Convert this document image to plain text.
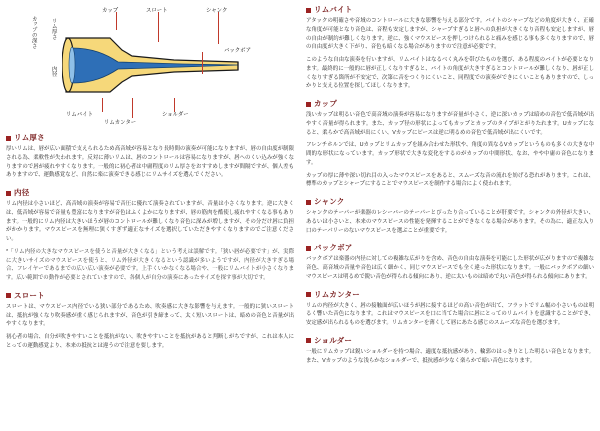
リム厚さ
カップの深さ
内径
カップ	スロート	シャンク
バックボア
リムバイト
リムカンター
ショルダー
リム厚さ

厚いリムは、唇が広い面積で支えられるため高音域が容易となり長時間の演奏が可能になりますが、唇の自由度が制限される為、柔軟性が失われます。反対に薄いリムは、唇のコントロールは容易になりますが、唇へのくい込みが強くなりますので唇が疲れやすくなります。一般的に初心者は中庸程度のリム厚さをおすすめしますが間隔ですが、個人差もありますので、運動感覚など、自然に楽に演奏できる感じにリムサイズを選んでください。

内径

リム内径は小さいほど、高音域の演奏が容易で音圧に優れて演奏されていますが、音量は小さくなります。逆に大きくは、低音域が容易で音量も豊富になりますが音色はふくよかになりますが、唇の筋肉を酷使し疲れやすくなる事もあります。一般的にリム内径は大きいほうが唇のコントロールが難しくなり音色に深みが増しますが、その分だけ唇に負担がかかります。マウスピースを無理に狭くすぎず適正なサイズを選択していただきやすくなりますのでご注意ください。

*「リム内径の大きなマウスピースを使うと音量が大きくなる」という考えは誤解です。「狭い唇が必要です」が、実際に大きいサイズのマウスピースを使うと、リム外径が大きくなるという認識が多いようですが、内径が大きすぎる場合、フレイヤーであるまでの広い広い演奏が必要です。上手くいかなくなる場合や、一般にリムバイトが小さくなります。広い範囲での動作が必要とされていますので、各個人が自分の演奏にあったサイズを探す事が大切です。

スロート

スロートは、マウスピース内径でいる狭い部分であるため、吹奏感に大きな影響を与えます。一般的に狭いスロートは、抵抗が強くなり吹奏感が重く感じられますが、音色が引き締まって、太く短いスロートは、暗めの音色と音量が出やすくなります。

初心者の場合、自分が吹きやすいことを抵抗がない、吹きやすいことを抵抗があると判断しがちですが、これは本人にとっての運動感覚より、本来の抵抗とは違うので注意を要します。

リムバイト

アタックの明確さや音域のコントロールに大きな影響を与える部分です。バイトのシャープなどの角度が大きく、正確な角度が可能となり音色は、音程も安定しますが、シャープすぎると唇への負担が大きくなり音程も安定しますが、唇の自由が制約が難しくなります。逆に、強くマウスピースを押しつけられると痛みを感じる事も多くなりますので、唇の自由度が大きく下がり、音色も暗くなる場合がありますので注意が必要です。

このような自由な演奏を行いますが、リムバイトはなるべく丸みを帯びたものを選び、ある程度のバイトが必要となります。最終的に一般的に唇が正しくなりすぎると、バイトの角度が大きすぎるとコントロールが難しくなり、唇が正しくなりすぎる箇所が不安定で、次第に音をつくりにくいこと、同程度での演奏ができにくいこともありますので、しっかりと支える位置を探してほしくなります。

カップ

浅いカップは明るい音色で高音域の演奏が容易になりますが音量が小さく、逆に深いカップは暗めの音色で低音域が出やすく音量が得られます。また、カップ径の形状によってもカップとカップのタイプがとがりたれます。Uカップになると、柔らかで高音域が出にくい、Vカップにピースは逆に明るめの音色で低音域が出にくいです。

フレンチホルンでは、Uカップとリムカップを組み合わせた形状や、角度の異なるVカップというものも多くの大きな中間的な形状になっています。カップ形状で大きな変化をするのがカップの中間形状、なお、やや中庸の音色になります。

カップの厚に薄や深い切れ目の入ったマウスピースをあると、スムーズな音の流れを妨げる恐れがあります。これは、標準のカップとシャープにすることでマウスピースを制作する場合によく使われます。

シャンク

シャンクのテーパーが楽器のレシーバーのテーパーとぴったり合っていることが肝要です。シャンクの外径が大きい、あるいは小さいと、本来のマウスピースの性能を発揮することができなくなる場合があります。その為に、適正な入り口のテーパリーのないマウスピースを選ぶことが重要です。

バックボア

バックボアは楽器の内径に対しての複雑な広がりを含め、音色の自由な演奏を可能にした形状が広がりますので複雑な音色、高音域の音量や音色は広く細かく、同じマウスピースでも全く違った形状になります。一般にバックボアの細いマウスピースは明るめで鋭い音色が得られる傾向にあり、逆に太いものは暗めで丸い音色が得られる傾向にあります。

リムカンター

リムの内径が大きく、唇の接触面が広いほうが唇に接するほどの高い音色が出て、フラットでリム幅の小さいものは明るく響いた音色になります。これはマウスピースを口に当てた場合に唇にとってのリムバイトを意識することができ、安定感が出られるものを選びます。リムカンターを薄くして唇にあたる感じのスムーズな音色を選びます。

ショルダー

一般にリムカップは鋭いショルダーを持つ場合、適度な抵抗感があり、輪郭のはっきりとした明るい音色となります。また、Vカップのような浅らかなショルダーで、抵抗感が少なく楽らかで暗い音色になります。
